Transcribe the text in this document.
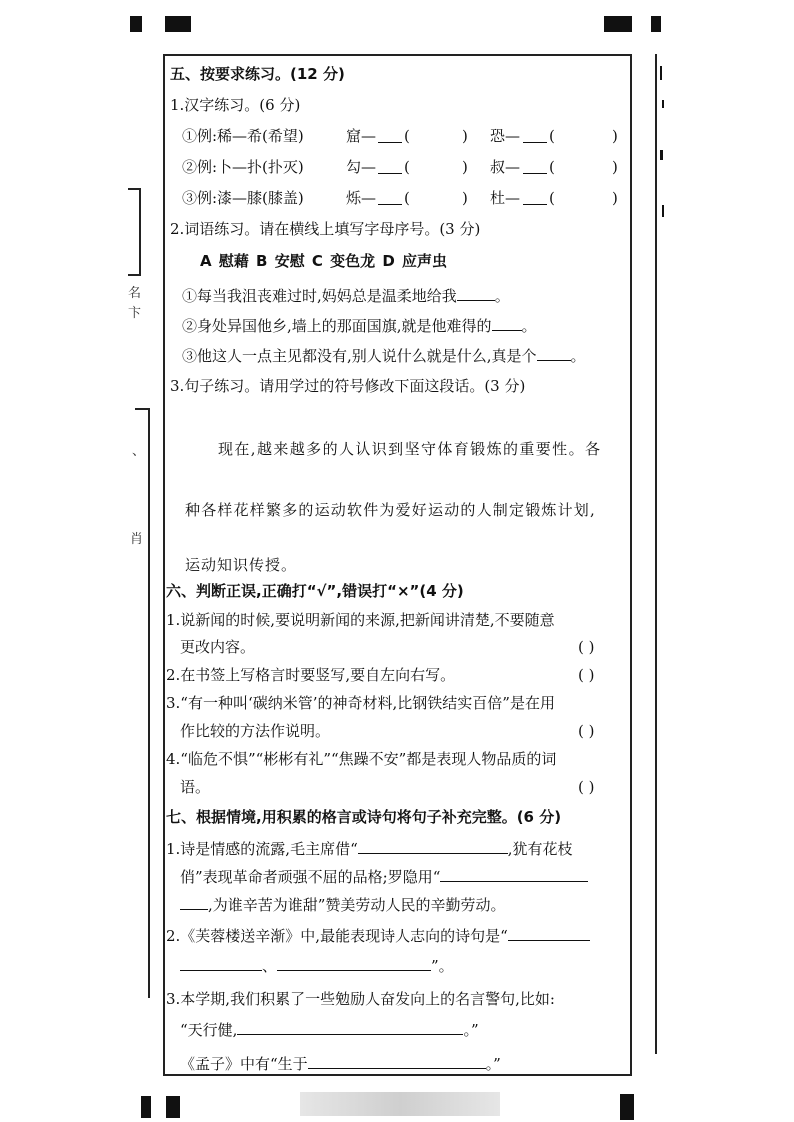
名
卞
、
肖
五、按要求练习。(12 分)
1.汉字练习。(6 分)
①例:稀—希(希望)	窟— (	) 恐— (	)
②例:卜—扑(扑灭)	勾— (	) 叔— (	)
③例:漆—膝(膝盖)	烁— (	) 杜— (	)
2.词语练习。请在横线上填写字母序号。(3 分)
A 慰藉 B 安慰 C 变色龙 D 应声虫
①每当我沮丧难过时,妈妈总是温柔地给我	。
②身处异国他乡,墙上的那面国旗,就是他难得的 。
③他这人一点主见都没有,别人说什么就是什么,真是个 。
3.句子练习。请用学过的符号修改下面这段话。(3 分)
现在,越来越多的人认识到坚守体育锻炼的重要性。各
种各样花样繁多的运动软件为爱好运动的人制定锻炼计划,
运动知识传授。
六、判断正误,正确打“√”,错误打“×”(4 分)
1.说新闻的时候,要说明新闻的来源,把新闻讲清楚,不要随意
更改内容。	( )
2.在书签上写格言时要竖写,要自左向右写。	( )
3.“有一种叫‘碳纳米管’的神奇材料,比钢铁结实百倍”是在用
作比较的方法作说明。	( )
4.“临危不惧”“彬彬有礼”“焦躁不安”都是表现人物品质的词
语。	( )
七、根据情境,用积累的格言或诗句将句子补充完整。(6 分)
1.诗是情感的流露,毛主席借“	,犹有花枝
俏”表现革命者顽强不屈的品格;罗隐用“
,为谁辛苦为谁甜”赞美劳动人民的辛勤劳动。
2.《芙蓉楼送辛渐》中,最能表现诗人志向的诗句是“
、	”。
3.本学期,我们积累了一些勉励人奋发向上的名言警句,比如:
“天行健,	。”
《孟子》中有“生于	。”
